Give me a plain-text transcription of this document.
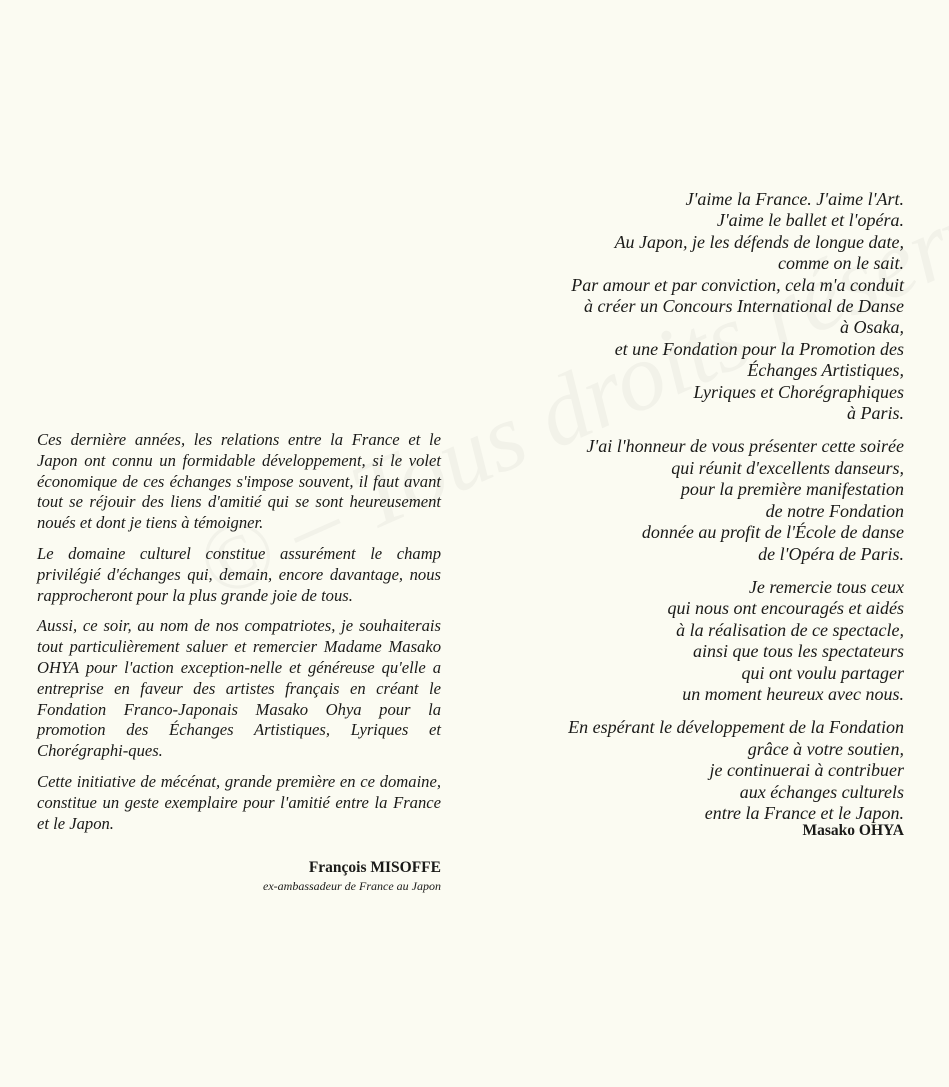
Ces dernière années, les relations entre la France et le Japon ont connu un formidable développement, si le volet économique de ces échanges s'impose souvent, il faut avant tout se réjouir des liens d'amitié qui se sont heureusement noués et dont je tiens à témoigner.

Le domaine culturel constitue assurément le champ privilégié d'échanges qui, demain, encore davantage, nous rapprocheront pour la plus grande joie de tous.

Aussi, ce soir, au nom de nos compatriotes, je souhaiterais tout particulièrement saluer et remercier Madame Masako OHYA pour l'action exception-nelle et généreuse qu'elle a entreprise en faveur des artistes français en créant le Fondation Franco-Japonais Masako Ohya pour la promotion des Échanges Artistiques, Lyriques et Chorégraphi-ques.

Cette initiative de mécénat, grande première en ce domaine, constitue un geste exemplaire pour l'amitié entre la France et le Japon.

François MISOFFE
ex-ambassadeur de France au Japon
J'aime la France. J'aime l'Art.
J'aime le ballet et l'opéra.
Au Japon, je les défends de longue date,
comme on le sait.
Par amour et par conviction, cela m'a conduit
à créer un Concours International de Danse
à Osaka,
et une Fondation pour la Promotion des
Échanges Artistiques,
Lyriques et Chorégraphiques
à Paris.
J'ai l'honneur de vous présenter cette soirée
qui réunit d'excellents danseurs,
pour la première manifestation
de notre Fondation
donnée au profit de l'École de danse
de l'Opéra de Paris.
Je remercie tous ceux
qui nous ont encouragés et aidés
à la réalisation de ce spectacle,
ainsi que tous les spectateurs
qui ont voulu partager
un moment heureux avec nous.
En espérant le développement de la Fondation
grâce à votre soutien,
je continuerai à contribuer
aux échanges culturels
entre la France et le Japon.
Masako OHYA
